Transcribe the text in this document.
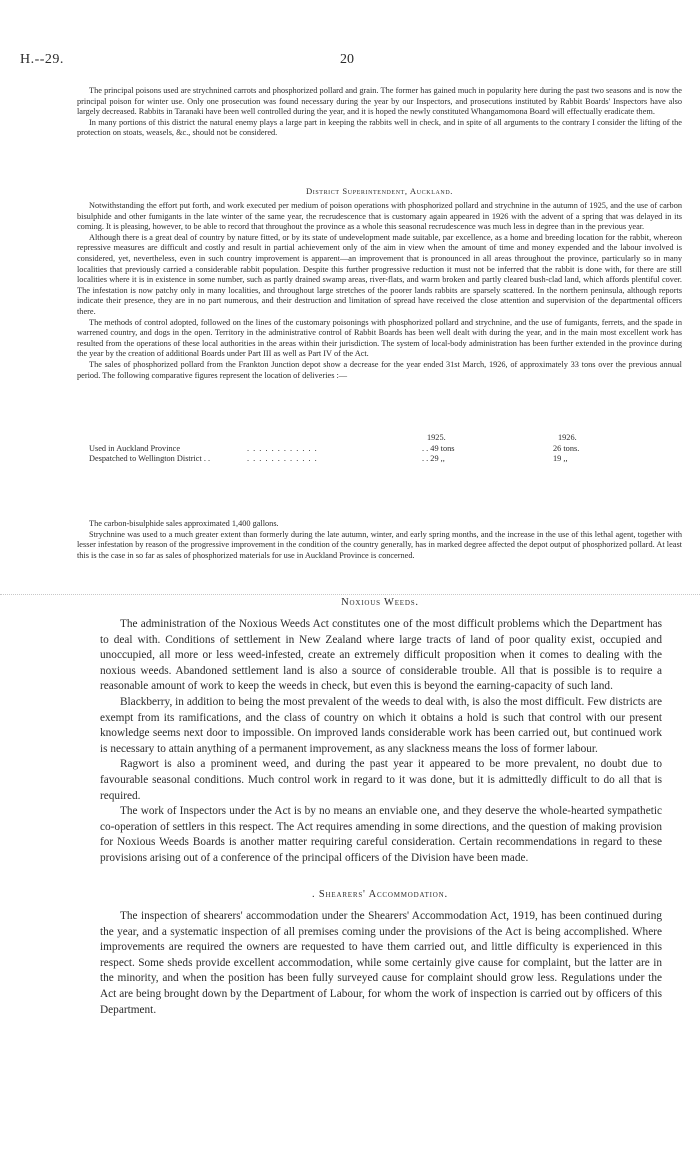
H.--29.	20

The principal poisons used are strychnined carrots and phosphorized pollard and grain. The former has gained much in popularity here during the past two seasons and is now the principal poison for winter use. Only one prosecution was found necessary during the year by our Inspectors, and prosecutions instituted by Rabbit Boards' Inspectors have also largely decreased. Rabbits in Taranaki have been well controlled during the year, and it is hoped the newly constituted Whangamomona Board will effectually eradicate them.

In many portions of this district the natural enemy plays a large part in keeping the rabbits well in check, and in spite of all arguments to the contrary I consider the lifting of the protection on stoats, weasels, &c., should not be considered.

District Superintendent, Auckland.

Notwithstanding the effort put forth, and work executed per medium of poison operations with phosphorized pollard and strychnine in the autumn of 1925, and the use of carbon bisulphide and other fumigants in the late winter of the same year, the recrudescence that is customary again appeared in 1926 with the advent of a spring that was delayed in its coming. It is pleasing, however, to be able to record that throughout the province as a whole this seasonal recrudescence was much less in degree than in the previous year.

Although there is a great deal of country by nature fitted, or by its state of undevelopment made suitable, par excellence, as a home and breeding location for the rabbit, whereon repressive measures are difficult and costly and result in partial achievement only of the aim in view when the amount of time and money expended and the labour involved is considered, yet, nevertheless, even in such country improvement is apparent—an improvement that is pronounced in all areas throughout the province, particularly so in many localities that previously carried a considerable rabbit population. Despite this further progressive reduction it must not be inferred that the rabbit is done with, for there are still localities where it is in existence in some number, such as partly drained swamp areas, river-flats, and warm broken and partly cleared bush-clad land, which affords plentiful cover. The infestation is now patchy only in many localities, and throughout large stretches of the poorer lands rabbits are sparsely scattered. In the northern peninsula, although reports indicate their presence, they are in no part numerous, and their destruction and limitation of spread have received the close attention and supervision of the departmental officers there.

The methods of control adopted, followed on the lines of the customary poisonings with phosphorized pollard and strychnine, and the use of fumigants, ferrets, and the spade in warrened country, and dogs in the open. Territory in the administrative control of Rabbit Boards has been well dealt with during the year, and in the main most excellent work has resulted from the operations of these local authorities in the areas within their jurisdiction. The system of local-body administration has been further extended in the province during the year by the creation of additional Boards under Part III as well as Part IV of the Act.

The sales of phosphorized pollard from the Frankton Junction depot show a decrease for the year ended 31st March, 1926, of approximately 33 tons over the previous annual period. The following comparative figures represent the location of deliveries :—

1925.	1926.
Used in Auckland Province	. . . . . . . . . . . .	. . 49 tons	26 tons.
Despatched to Wellington District . .	. . . . . . . . . . . .	. . 29 ,,	19 ,,

The carbon-bisulphide sales approximated 1,400 gallons.

Strychnine was used to a much greater extent than formerly during the late autumn, winter, and early spring months, and the increase in the use of this lethal agent, together with lesser infestation by reason of the progressive improvement in the condition of the country generally, has in marked degree affected the depot output of phosphorized pollard. At least this is the case in so far as sales of phosphorized materials for use in Auckland Province is concerned.

Noxious Weeds.

The administration of the Noxious Weeds Act constitutes one of the most difficult problems which the Department has to deal with. Conditions of settlement in New Zealand where large tracts of land of poor quality exist, occupied and unoccupied, all more or less weed-infested, create an extremely difficult proposition when it comes to dealing with the noxious weeds. Abandoned settlement land is also a source of considerable trouble. All that is possible is to require a reasonable amount of work to keep the weeds in check, but even this is beyond the earning-capacity of such land.

Blackberry, in addition to being the most prevalent of the weeds to deal with, is also the most difficult. Few districts are exempt from its ramifications, and the class of country on which it obtains a hold is such that control with our present knowledge seems next door to impossible. On improved lands considerable work has been carried out, but continued work is necessary to attain anything of a permanent improvement, as any slackness means the loss of former labour.

Ragwort is also a prominent weed, and during the past year it appeared to be more prevalent, no doubt due to favourable seasonal conditions. Much control work in regard to it was done, but it is admittedly difficult to do all that is required.

The work of Inspectors under the Act is by no means an enviable one, and they deserve the whole-hearted sympathetic co-operation of settlers in this respect. The Act requires amending in some directions, and the question of making provision for Noxious Weeds Boards is another matter requiring careful consideration. Certain recommendations in regard to these provisions arising out of a conference of the principal officers of the Division have been made.

. Shearers' Accommodation.

The inspection of shearers' accommodation under the Shearers' Accommodation Act, 1919, has been continued during the year, and a systematic inspection of all premises coming under the provisions of the Act is being accomplished. Where improvements are required the owners are requested to have them carried out, and little difficulty is experienced in this respect. Some sheds provide excellent accommodation, while some certainly give cause for complaint, but the latter are in the minority, and when the position has been fully surveyed cause for complaint should grow less. Regulations under the Act are being brought down by the Department of Labour, for whom the work of inspection is carried out by officers of this Department.
